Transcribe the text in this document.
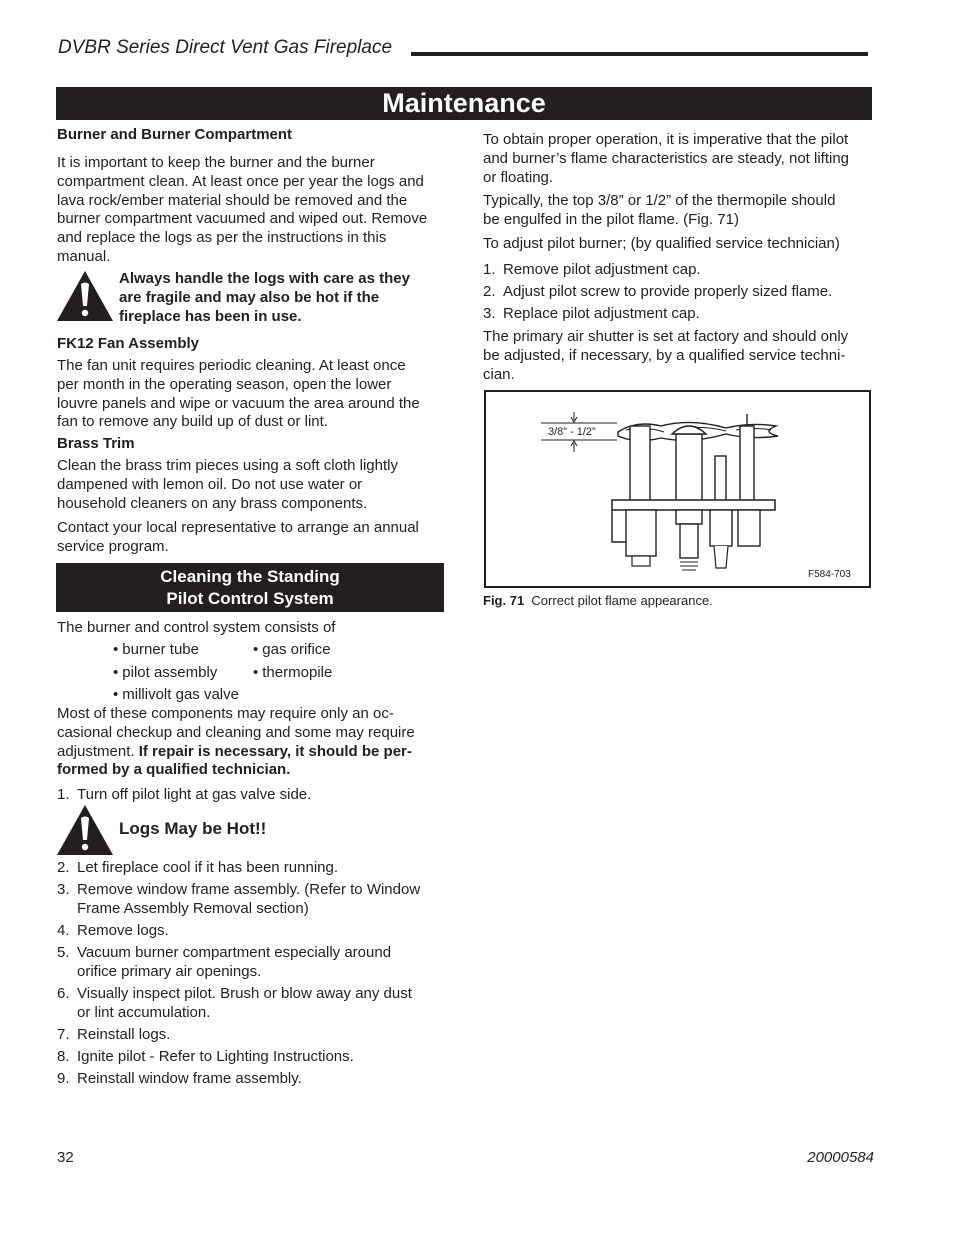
DVBR Series Direct Vent Gas Fireplace
Maintenance
Burner and Burner Compartment
It is important to keep the burner and the burner
compartment clean. At least once per year the logs and
lava rock/ember material should be removed and the
burner compartment vacuumed and wiped out. Remove
and replace the logs as per the instructions in this
manual.
Always handle the logs with care as they
are fragile and may also be hot if the
fireplace has been in use.
FK12 Fan Assembly
The fan unit requires periodic cleaning. At least once
per month in the operating season, open the lower
louvre panels and wipe or vacuum the area around the
fan to remove any build up of dust or lint.
Brass Trim
Clean the brass trim pieces using a soft cloth lightly
dampened with lemon oil. Do not use water or
household cleaners on any brass components.
Contact your local representative to arrange an annual
service program.
Cleaning the Standing
Pilot Control System
The burner and control system consists of
• burner tube	• gas orifice
• pilot assembly	• thermopile
• millivolt gas valve
Most of these components may require only an oc-
casional checkup and cleaning and some may require
adjustment. If repair is necessary, it should be per-
formed by a qualified technician.
1. Turn off pilot light at gas valve side.
Logs May be Hot!!
2. Let fireplace cool if it has been running.
3. Remove window frame assembly. (Refer to Window
Frame Assembly Removal section)
4. Remove logs.
5. Vacuum burner compartment especially around
orifice primary air openings.
6. Visually inspect pilot. Brush or blow away any dust
or lint accumulation.
7. Reinstall logs.
8. Ignite pilot - Refer to Lighting Instructions.
9. Reinstall window frame assembly.
To obtain proper operation, it is imperative that the pilot
and burner’s flame characteristics are steady, not lifting
or floating.
Typically, the top 3/8” or 1/2” of the thermopile should
be engulfed in the pilot flame. (Fig. 71)
To adjust pilot burner; (by qualified service technician)
1. Remove pilot adjustment cap.
2. Adjust pilot screw to provide properly sized flame.
3. Replace pilot adjustment cap.
The primary air shutter is set at factory and should only
be adjusted, if necessary, by a qualified service techni-
cian.
3/8” - 1/2”
F584-703
Fig. 71 Correct pilot flame appearance.
32	20000584
